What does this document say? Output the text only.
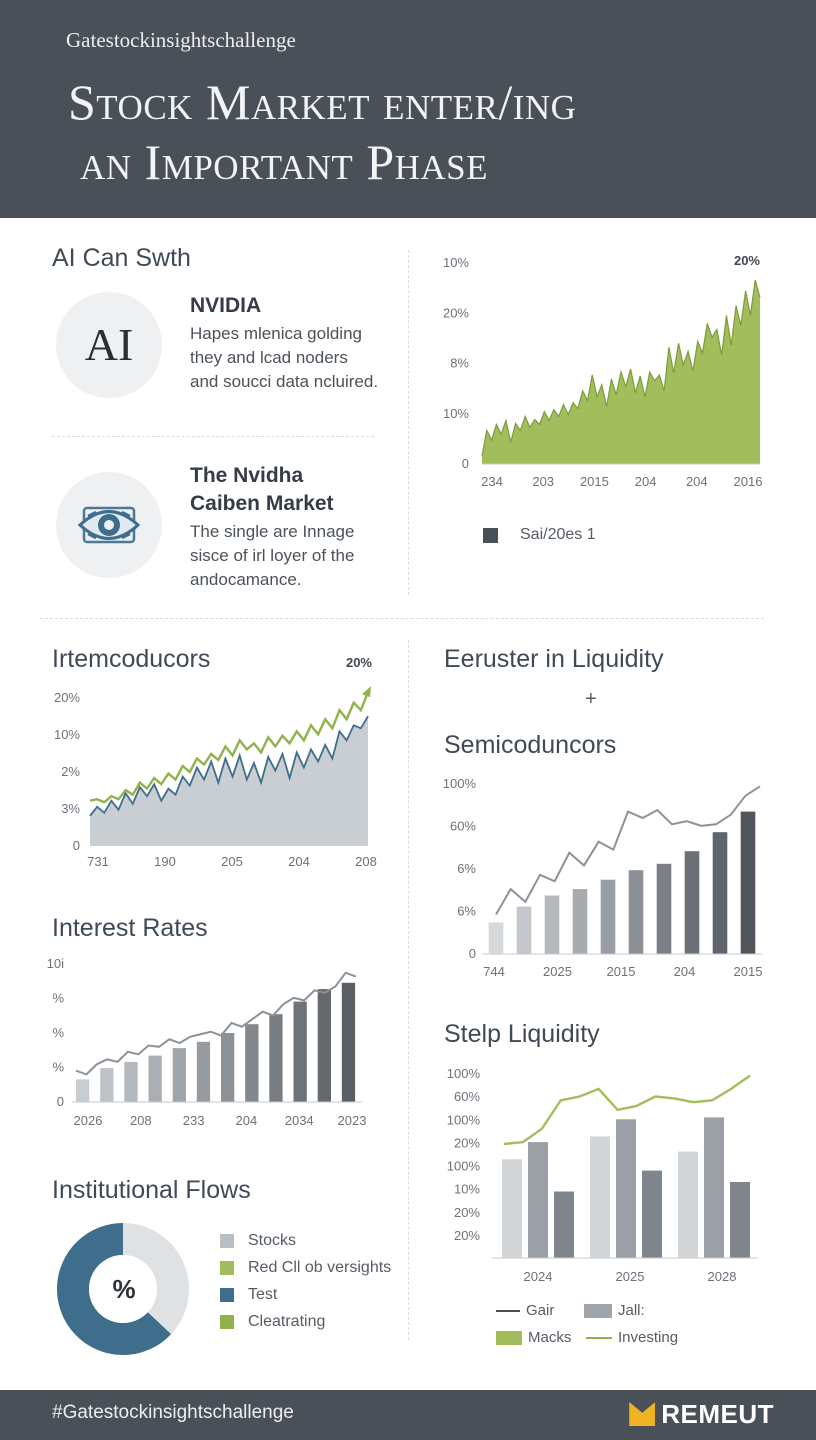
Gatestockinsightschallenge
Stock Market enter/ing
an Important Phase
AI Can Swth
AI
NVIDIA
Hapes mlenica golding
they and lcad noders
and soucci data ncluired.
The Nvidha
Caiben Market
The single are Innage
sisce of irl loyer of the
andocamance.
10%
20%
8%
10%
0
234 203 2015 204 204 2016
20%
Sai/20es 1
Irtemcoducors
20%
10%
2%
3%
0
731	190	205	204	208
20%	Eeruster in Liquidity
+
Semicoduncors
100%
60%
6%
6%
0
744	2025	2015	204	2015
Interest Rates
10i
%
%
%
0
2026 208 233 204 2034 2023
Stelp Liquidity
100%
60%
100%
20%
100%
10%
20%
20%
2024	2025	2028
Gair	Jall:
Macks	Investing
Institutional Flows
%
Stocks
Red Cll ob versights
Test
Cleatrating
#Gatestockinsightschallenge	REMEUT
